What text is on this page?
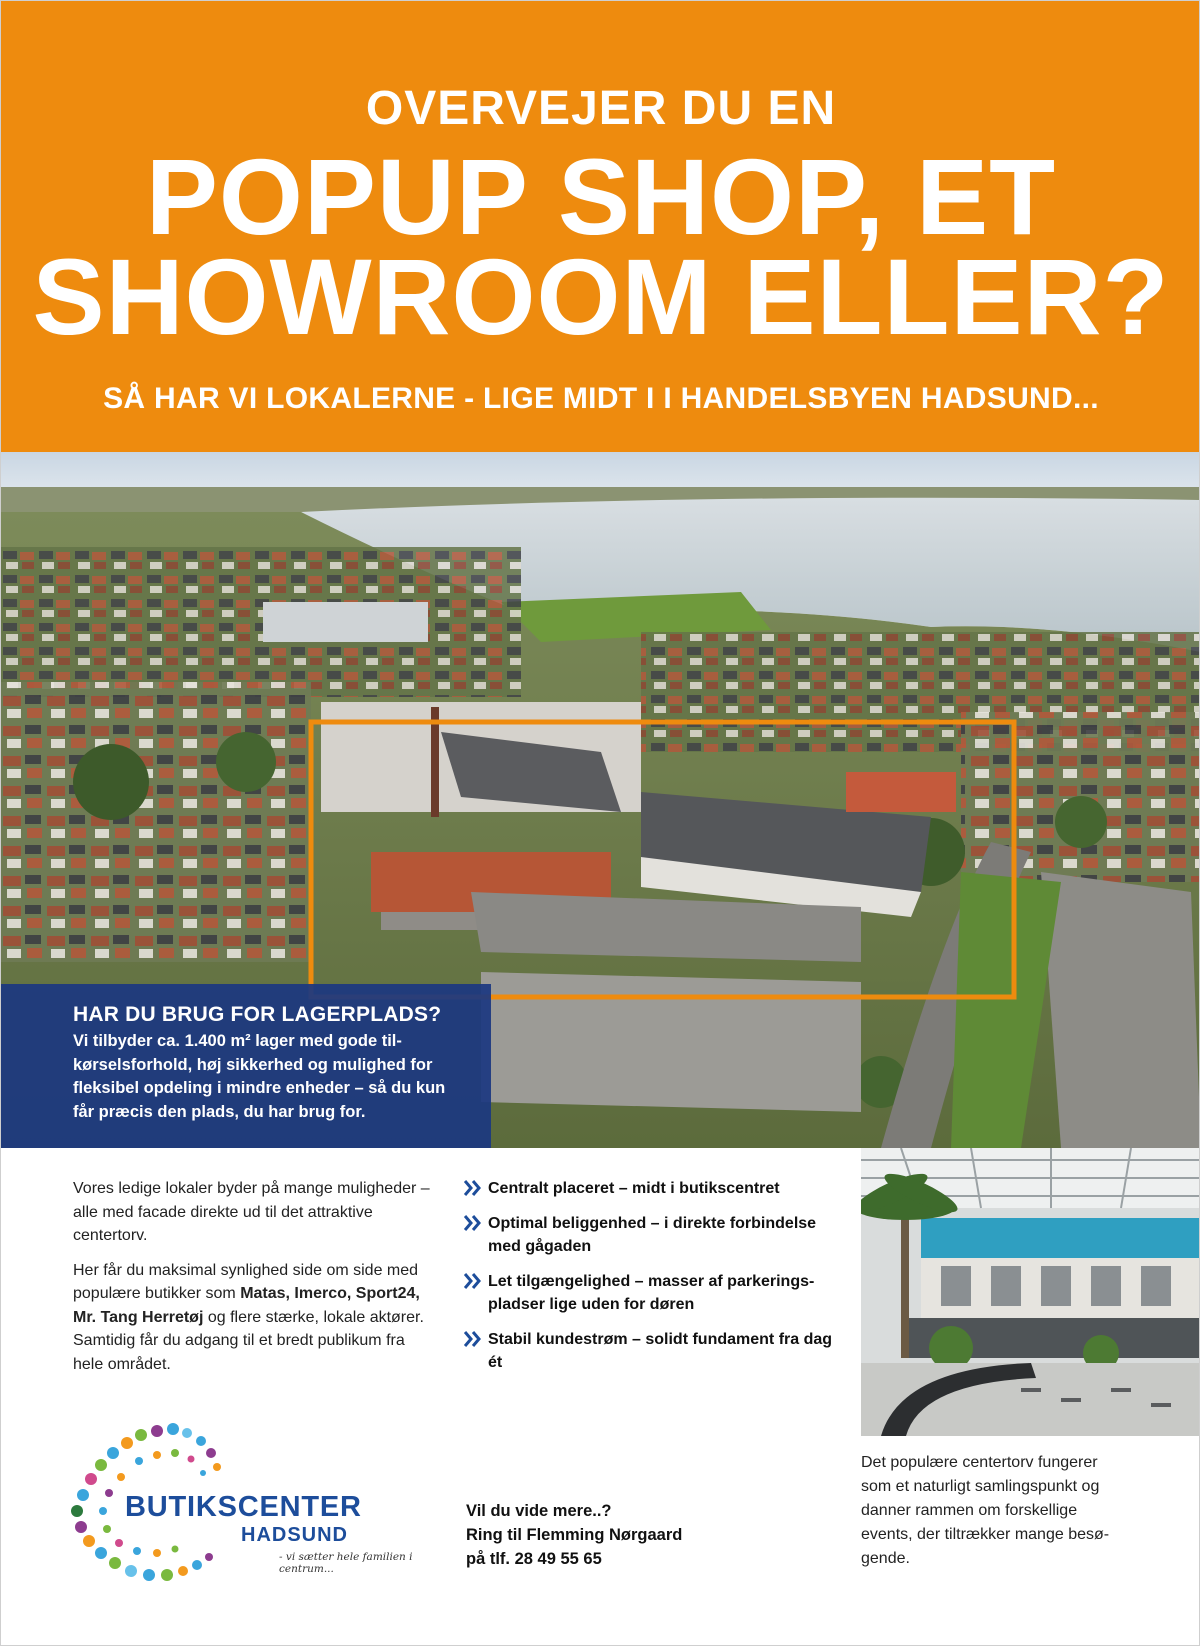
OVERVEJER DU EN
POPUP SHOP, ET
SHOWROOM ELLER?
SÅ HAR VI LOKALERNE - LIGE MIDT I I HANDELSBYEN HADSUND...
HAR DU BRUG FOR LAGERPLADS?
Vi tilbyder ca. 1.400 m² lager med gode tilkørselsforhold, høj sikkerhed og mulighed for fleksibel opdeling i mindre enheder – så du kun får præcis den plads, du har brug for.

Vores ledige lokaler byder på mange muligheder – alle med facade direkte ud til det attraktive centertorv.

Her får du maksimal synlighed side om side med populære butikker som Matas, Imerco, Sport24, Mr. Tang Herretøj og flere stærke, lokale aktører. Samtidig får du adgang til et bredt publikum fra hele området.

Centralt placeret – midt i butikscentret
Optimal beliggenhed – i direkte forbindelse med gågaden
Let tilgængelighed – masser af parkeringspladser lige uden for døren
Stabil kundestrøm – solidt fundament fra dag ét
Det populære centertorv fungerer som et naturligt samlingspunkt og danner rammen om forskellige events, der tiltrækker mange besøgende.
Vil du vide mere..?
Ring til Flemming Nørgaard
på tlf. 28 49 55 65
BUTIKSCENTER
HADSUND
- vi sætter hele familien i centrum...
